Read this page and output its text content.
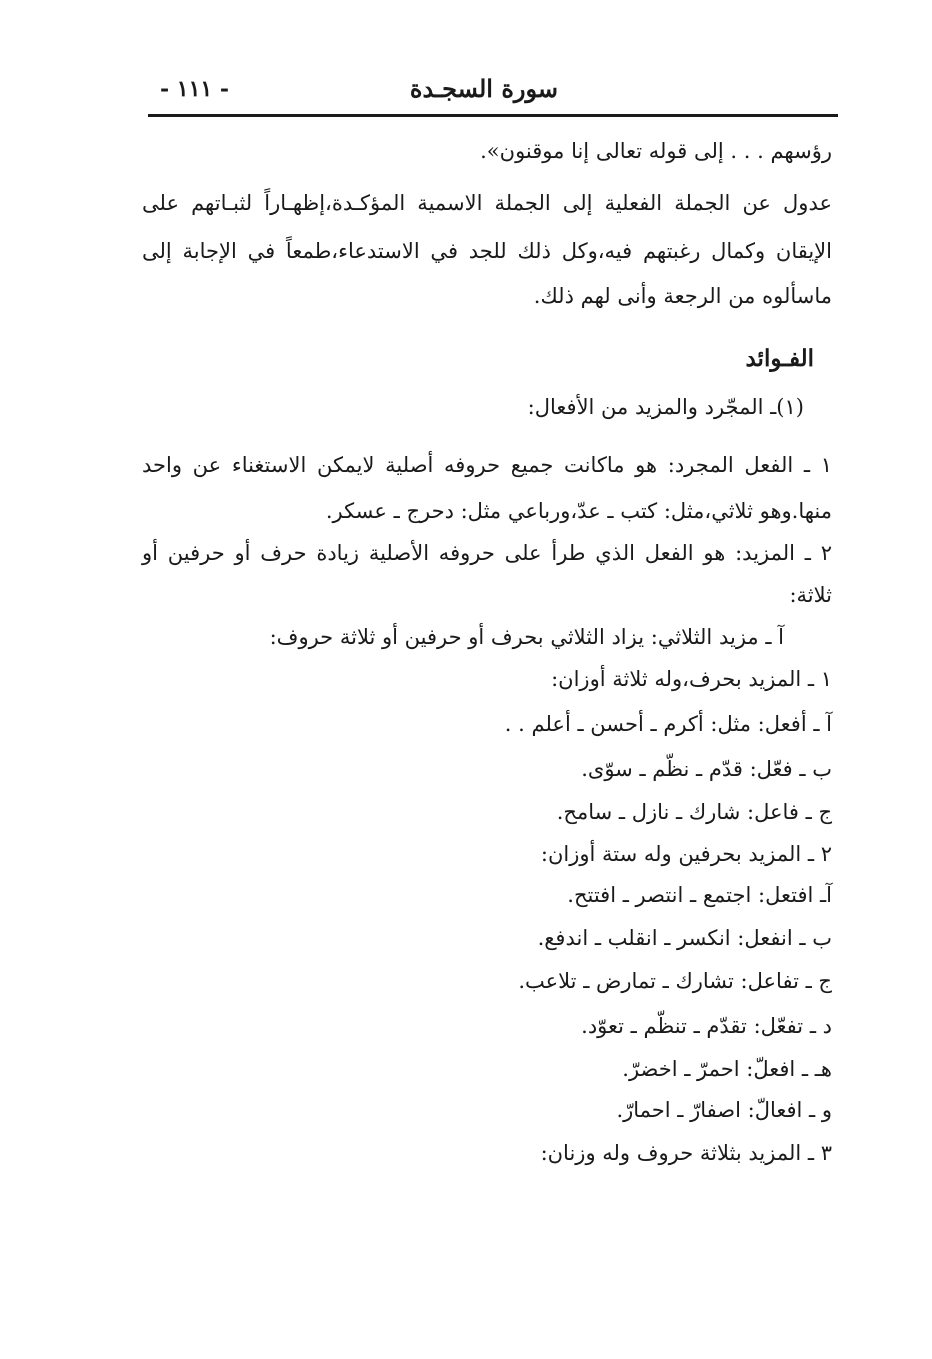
سورة السجـدة
- ١١١ -
رؤسهم . . . إلى قوله تعالى إنا موقنون».
عدول عن الجملة الفعلية إلى الجملة الاسمية المؤكـدة،إظهـاراً لثبـاتهم على
الإيقان وكمال رغبتهم فيه،وكل ذلك للجد في الاستدعاء،طمعاً في الإجابة إلى
ماسألوه من الرجعة وأنى لهم ذلك.
الفـوائد
(١)ـ المجّرد والمزيد من الأفعال:
١ ـ الفعل المجرد: هو ماكانت جميع حروفه أصلية لايمكن الاستغناء عن واحد
منها.وهو ثلاثي،مثل: كتب ـ عدّ،ورباعي مثل: دحرج ـ عسكر.
٢ ـ المزيد: هو الفعل الذي طرأ على حروفه الأصلية زيادة حرف أو حرفين أو
ثلاثة:
آ ـ مزيد الثلاثي: يزاد الثلاثي بحرف أو حرفين أو ثلاثة حروف:
١ ـ المزيد بحرف،وله ثلاثة أوزان:
آ ـ أفعل: مثل: أكرم ـ أحسن ـ أعلم . .
ب ـ فعّل: قدّم ـ نظّم ـ سوّى.
ج ـ فاعل: شارك ـ نازل ـ سامح.
٢ ـ المزيد بحرفين وله ستة أوزان:
آـ افتعل: اجتمع ـ انتصر ـ افتتح.
ب ـ انفعل: انكسر ـ انقلب ـ اندفع.
ج ـ تفاعل: تشارك ـ تمارض ـ تلاعب.
د ـ تفعّل: تقدّم ـ تنظّم ـ تعوّد.
هـ ـ افعلّ: احمرّ ـ اخضرّ.
و ـ افعالّ: اصفارّ ـ احمارّ.
٣ ـ المزيد بثلاثة حروف وله وزنان:
